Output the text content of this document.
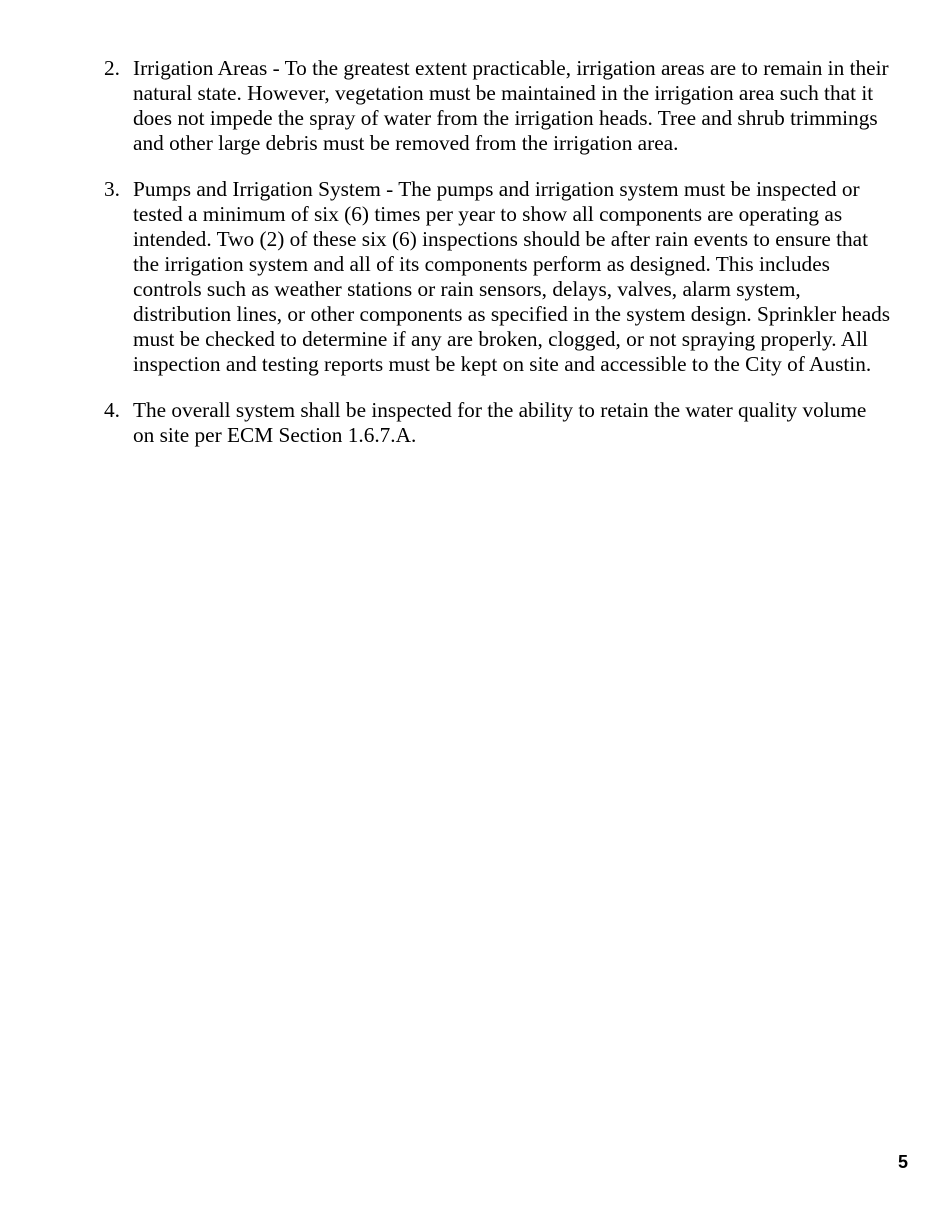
2. Irrigation Areas - To the greatest extent practicable, irrigation areas are to remain in their
natural state. However, vegetation must be maintained in the irrigation area such that it
does not impede the spray of water from the irrigation heads. Tree and shrub trimmings
and other large debris must be removed from the irrigation area.
3. Pumps and Irrigation System - The pumps and irrigation system must be inspected or
tested a minimum of six (6) times per year to show all components are operating as
intended. Two (2) of these six (6) inspections should be after rain events to ensure that
the irrigation system and all of its components perform as designed. This includes
controls such as weather stations or rain sensors, delays, valves, alarm system,
distribution lines, or other components as specified in the system design. Sprinkler heads
must be checked to determine if any are broken, clogged, or not spraying properly. All
inspection and testing reports must be kept on site and accessible to the City of Austin.
4. The overall system shall be inspected for the ability to retain the water quality volume
on site per ECM Section 1.6.7.A.
5
